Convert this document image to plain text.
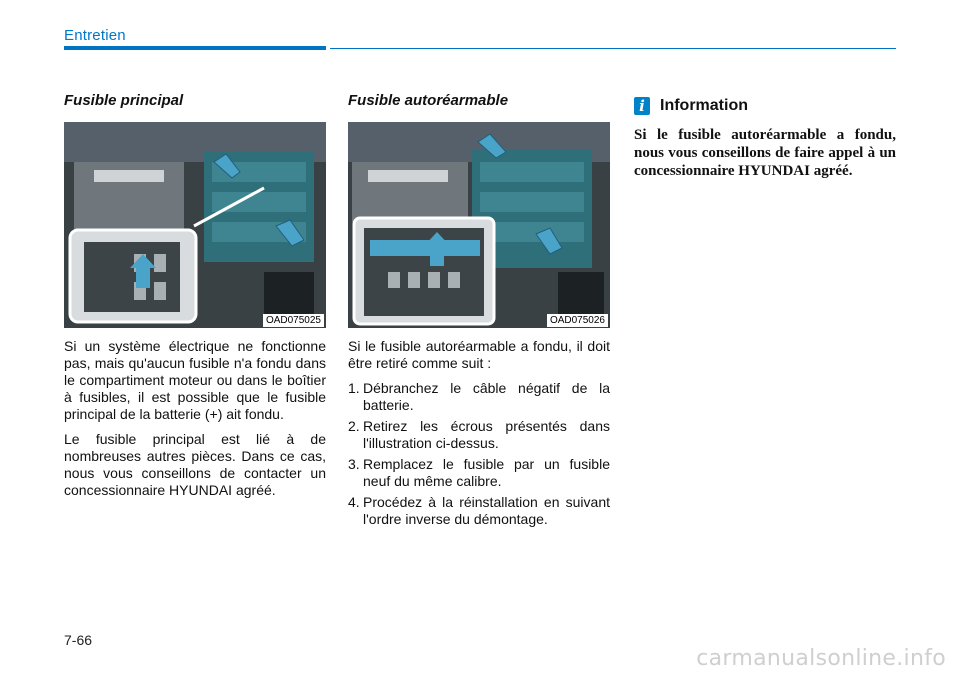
Entretien
Fusible principal
OAD075025

Si un système électrique ne fonctionne pas, mais qu'aucun fusible n'a fondu dans le compartiment moteur ou dans le boîtier à fusibles, il est possible que le fusible principal de la batterie (+) ait fondu.

Le fusible principal est lié à de nombreuses autres pièces. Dans ce cas, nous vous conseillons de contacter un concessionnaire HYUNDAI agréé.

Fusible autoréarmable
OAD075026

Si le fusible autoréarmable a fondu, il doit être retiré comme suit :

1. Débranchez le câble négatif de la batterie.
2. Retirez les écrous présentés dans l'illustration ci-dessus.
3. Remplacez le fusible par un fusible neuf du même calibre.
4. Procédez à la réinstallation en suivant l'ordre inverse du démontage.
i Information
Si le fusible autoréarmable a fondu, nous vous conseillons de faire appel à un concessionnaire HYUNDAI agréé.
7-66
carmanualsonline.info
